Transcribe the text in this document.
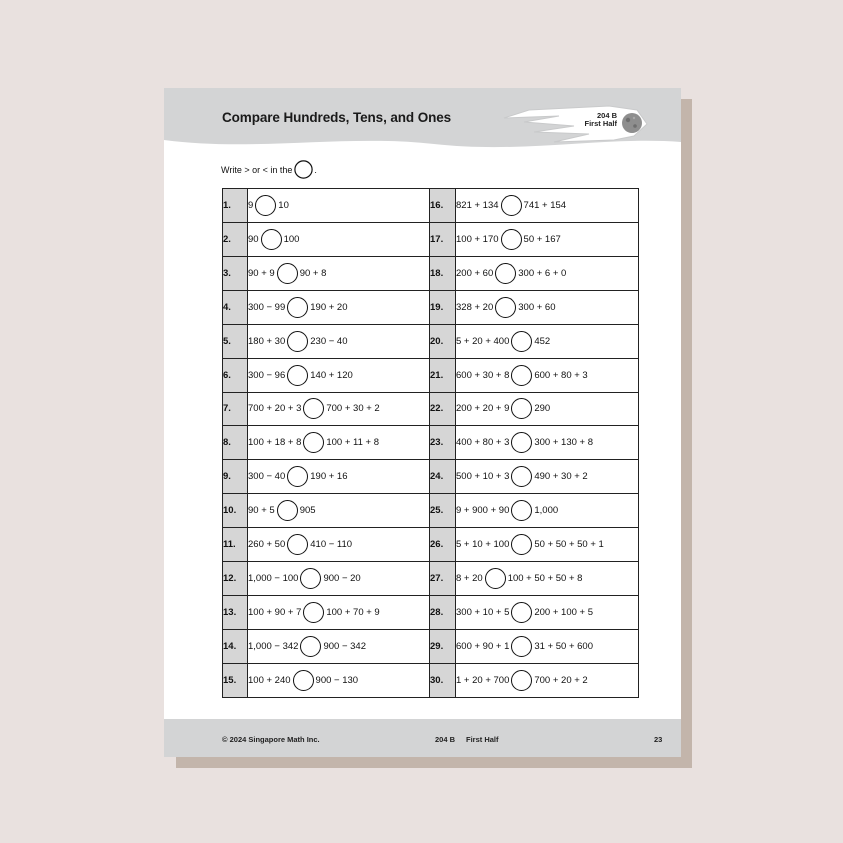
Compare Hundreds, Tens, and Ones	204 B
First Half
Write > or < in the .
1.	9 10	16.	821 + 134 741 + 154

2.	90 100	17.	100 + 170 50 + 167

3.	90 + 9 90 + 8	18.	200 + 60 300 + 6 + 0

4.	300 − 99 190 + 20	19.	328 + 20 300 + 60

5.	180 + 30 230 − 40	20.	5 + 20 + 400 452

6.	300 − 96 140 + 120	21.	600 + 30 + 8 600 + 80 + 3

7.	700 + 20 + 3 700 + 30 + 2	22.	200 + 20 + 9 290

8.	100 + 18 + 8 100 + 11 + 8	23.	400 + 80 + 3 300 + 130 + 8

9.	300 − 40 190 + 16	24.	500 + 10 + 3 490 + 30 + 2

10.	90 + 5 905	25.	9 + 900 + 90 1,000

11.	260 + 50 410 − 110	26.	5 + 10 + 100 50 + 50 + 50 + 1

12.	1,000 − 100 900 − 20	27.	8 + 20 100 + 50 + 50 + 8

13.	100 + 90 + 7 100 + 70 + 9	28.	300 + 10 + 5 200 + 100 + 5

14.	1,000 − 342 900 − 342	29.	600 + 90 + 1 31 + 50 + 600

15.	100 + 240 900 − 130	30.	1 + 20 + 700 700 + 20 + 2
© 2024 Singapore Math Inc.	204 B First Half	23
